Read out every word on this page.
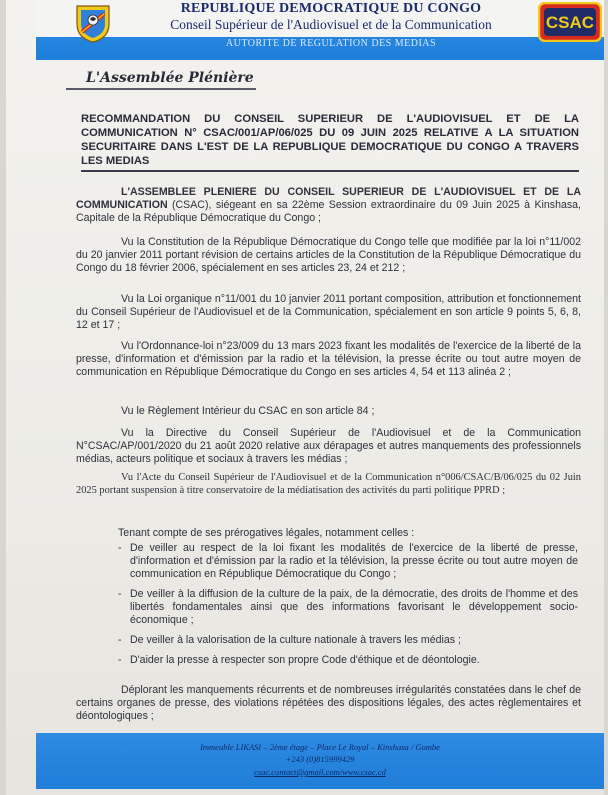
REPUBLIQUE DEMOCRATIQUE DU CONGO
Conseil Supérieur de l'Audiovisuel et de la Communication
AUTORITE DE REGULATION DES MEDIAS
CSAC
L'Assemblée Plénière
RECOMMANDATION DU CONSEIL SUPERIEUR DE L'AUDIOVISUEL ET DE LA COMMUNICATION N° CSAC/001/AP/06/025 DU 09 JUIN 2025 RELATIVE A LA SITUATION SECURITAIRE DANS L'EST DE LA REPUBLIQUE DEMOCRATIQUE DU CONGO A TRAVERS LES MEDIAS
L'ASSEMBLEE PLENIERE DU CONSEIL SUPERIEUR DE L'AUDIOVISUEL ET DE LA COMMUNICATION (CSAC), siégeant en sa 22ème Session extraordinaire du 09 Juin 2025 à Kinshasa, Capitale de la République Démocratique du Congo ;
Vu la Constitution de la République Démocratique du Congo telle que modifiée par la loi n°11/002 du 20 janvier 2011 portant révision de certains articles de la Constitution de la République Démocratique du Congo du 18 février 2006, spécialement en ses articles 23, 24 et 212 ;
Vu la Loi organique n°11/001 du 10 janvier 2011 portant composition, attribution et fonctionnement du Conseil Supérieur de l'Audiovisuel et de la Communication, spécialement en son article 9 points 5, 6, 8, 12 et 17 ;
Vu l'Ordonnance-loi n°23/009 du 13 mars 2023 fixant les modalités de l'exercice de la liberté de la presse, d'information et d'émission par la radio et la télévision, la presse écrite ou tout autre moyen de communication en République Démocratique du Congo en ses articles 4, 54 et 113 alinéa 2 ;
Vu le Règlement Intérieur du CSAC en son article 84 ;
Vu la Directive du Conseil Supérieur de l'Audiovisuel et de la Communication N°CSAC/AP/001/2020 du 21 août 2020 relative aux dérapages et autres manquements des professionnels médias, acteurs politique et sociaux à travers les médias ;
Vu l'Acte du Conseil Supérieur de l'Audiovisuel et de la Communication n°006/CSAC/B/06/025 du 02 Juin 2025 portant suspension à titre conservatoire de la médiatisation des activités du parti politique PPRD ;
Tenant compte de ses prérogatives légales, notamment celles :
- De veiller au respect de la loi fixant les modalités de l'exercice de la liberté de presse, d'information et d'émission par la radio et la télévision, la presse écrite ou tout autre moyen de communication en République Démocratique du Congo ;
- De veiller à la diffusion de la culture de la paix, de la démocratie, des droits de l'homme et des libertés fondamentales ainsi que des informations favorisant le développement socio-économique ;
- De veiller à la valorisation de la culture nationale à travers les médias ;
- D'aider la presse à respecter son propre Code d'éthique et de déontologie.
Déplorant les manquements récurrents et de nombreuses irrégularités constatées dans le chef de certains organes de presse, des violations répétées des dispositions légales, des actes règlementaires et déontologiques ;
Immeuble LIKASI – 2ème étage – Place Le Royal – Kinshasa / Gombe
+243 (0)815999429
csac.contact@gmail.com/www.csac.cd
